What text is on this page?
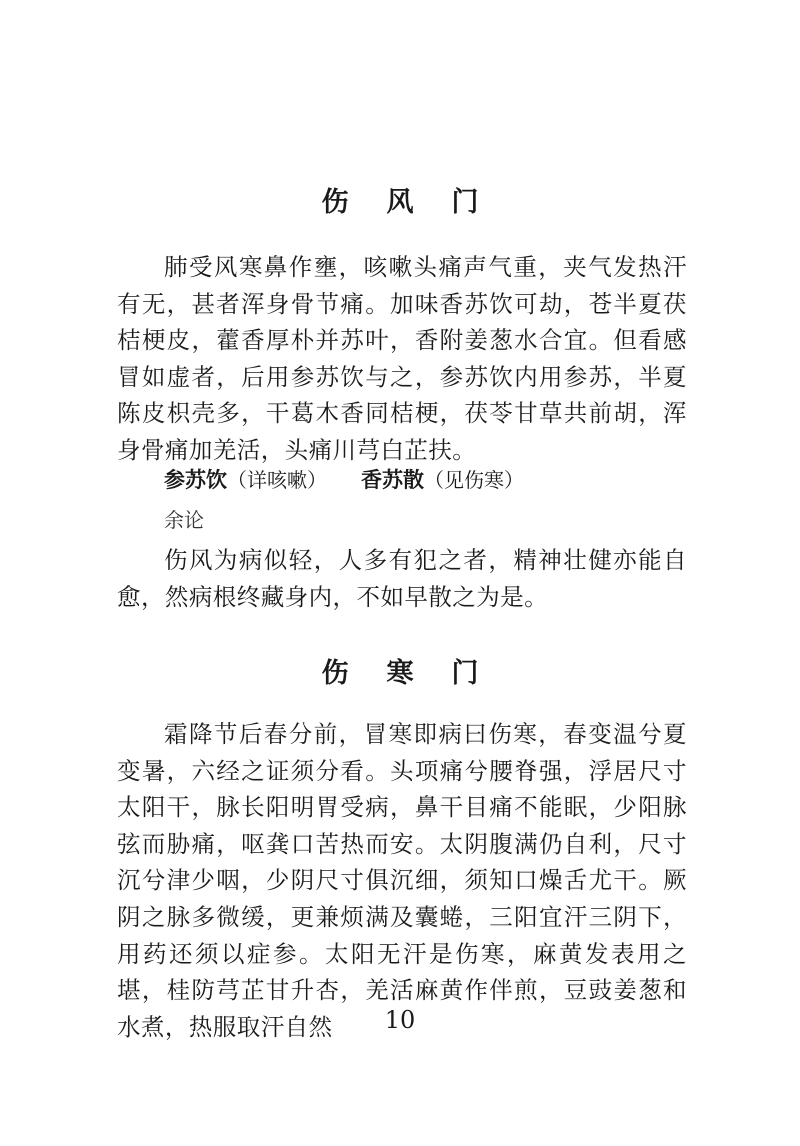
伤风门

肺受风寒鼻作壅，咳嗽头痛声气重，夹气发热汗有无，甚者浑身骨节痛。加味香苏饮可劫，苍半夏茯桔梗皮，藿香厚朴并苏叶，香附姜葱水合宜。但看感冒如虚者，后用参苏饮与之，参苏饮内用参苏，半夏陈皮枳壳多，干葛木香同桔梗，茯苓甘草共前胡，浑身骨痛加羌活，头痛川芎白芷扶。

参苏饮（详咳嗽） 香苏散（见伤寒）
余论

伤风为病似轻，人多有犯之者，精神壮健亦能自愈，然病根终藏身内，不如早散之为是。

伤寒门

霜降节后春分前，冒寒即病曰伤寒，春变温兮夏变暑，六经之证须分看。头项痛兮腰脊强，浮居尺寸太阳干，脉长阳明胃受病，鼻干目痛不能眠，少阳脉弦而胁痛，呕龚口苦热而安。太阴腹满仍自利，尺寸沉兮津少咽，少阴尺寸俱沉细，须知口燥舌尤干。厥阴之脉多微缓，更兼烦满及囊蜷，三阳宜汗三阴下，用药还须以症参。太阳无汗是伤寒，麻黄发表用之堪，桂防芎芷甘升杏，羌活麻黄作伴煎，豆豉姜葱和水煮，热服取汗自然	10
